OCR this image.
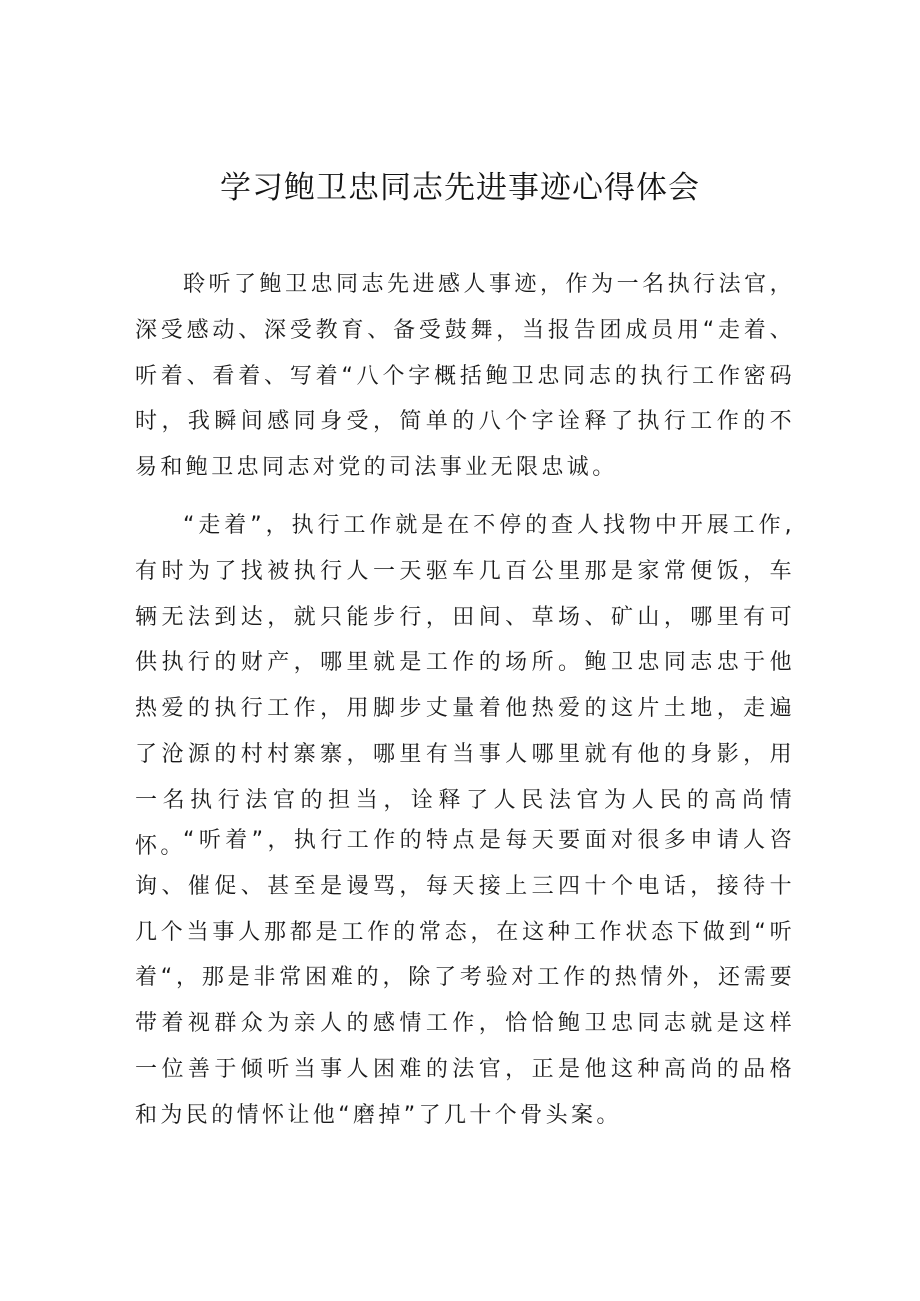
学习鲍卫忠同志先进事迹心得体会

聆听了鲍卫忠同志先进感人事迹，作为一名执行法官，深受感动、深受教育、备受鼓舞，当报告团成员用“走着、听着、看着、写着“八个字概括鲍卫忠同志的执行工作密码时，我瞬间感同身受，简单的八个字诠释了执行工作的不易和鲍卫忠同志对党的司法事业无限忠诚。

“走着”，执行工作就是在不停的查人找物中开展工作,有时为了找被执行人一天驱车几百公里那是家常便饭，车辆无法到达，就只能步行，田间、草场、矿山，哪里有可供执行的财产，哪里就是工作的场所。鲍卫忠同志忠于他热爱的执行工作，用脚步丈量着他热爱的这片土地，走遍了沧源的村村寨寨，哪里有当事人哪里就有他的身影，用一名执行法官的担当，诠释了人民法官为人民的高尚情怀。

“听着”，执行工作的特点是每天要面对很多申请人咨询、催促、甚至是谩骂，每天接上三四十个电话，接待十几个当事人那都是工作的常态，在这种工作状态下做到“听着“，那是非常困难的，除了考验对工作的热情外，还需要带着视群众为亲人的感情工作，恰恰鲍卫忠同志就是这样一位善于倾听当事人困难的法官，正是他这种高尚的品格和为民的情怀让他“磨掉”了几十个骨头案。
